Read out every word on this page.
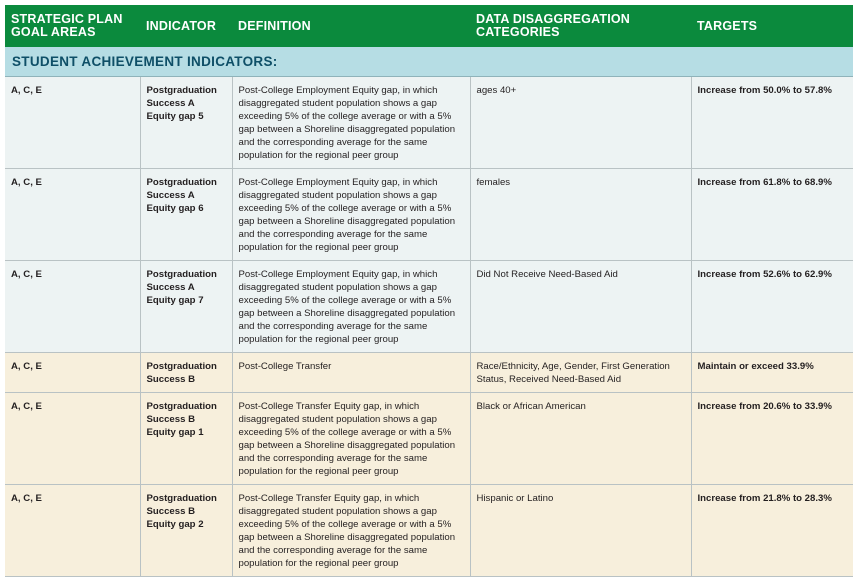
STRATEGIC PLAN GOAL AREAS	INDICATOR	DEFINITION	DATA DISAGGREGATION CATEGORIES	TARGETS
STUDENT ACHIEVEMENT INDICATORS:				
A, C, E	Postgraduation Success A Equity gap 5	Post-College Employment Equity gap, in which disaggregated student population shows a gap exceeding 5% of the college average or with a 5% gap between a Shoreline disaggregated population and the corresponding average for the same population for the regional peer group	ages 40+	Increase from 50.0% to 57.8%
A, C, E	Postgraduation Success A Equity gap 6	Post-College Employment Equity gap, in which disaggregated student population shows a gap exceeding 5% of the college average or with a 5% gap between a Shoreline disaggregated population and the corresponding average for the same population for the regional peer group	females	Increase from 61.8% to 68.9%
A, C, E	Postgraduation Success A Equity gap 7	Post-College Employment Equity gap, in which disaggregated student population shows a gap exceeding 5% of the college average or with a 5% gap between a Shoreline disaggregated population and the corresponding average for the same population for the regional peer group	Did Not Receive Need-Based Aid	Increase from 52.6% to 62.9%
A, C, E	Postgraduation Success B	Post-College Transfer	Race/Ethnicity, Age, Gender, First Generation Status, Received Need-Based Aid	Maintain or exceed 33.9%
A, C, E	Postgraduation Success B Equity gap 1	Post-College Transfer Equity gap, in which disaggregated student population shows a gap exceeding 5% of the college average or with a 5% gap between a Shoreline disaggregated population and the corresponding average for the same population for the regional peer group	Black or African American	Increase from 20.6% to 33.9%
A, C, E	Postgraduation Success B Equity gap 2	Post-College Transfer Equity gap, in which disaggregated student population shows a gap exceeding 5% of the college average or with a 5% gap between a Shoreline disaggregated population and the corresponding average for the same population for the regional peer group	Hispanic or Latino	Increase from 21.8% to 28.3%
